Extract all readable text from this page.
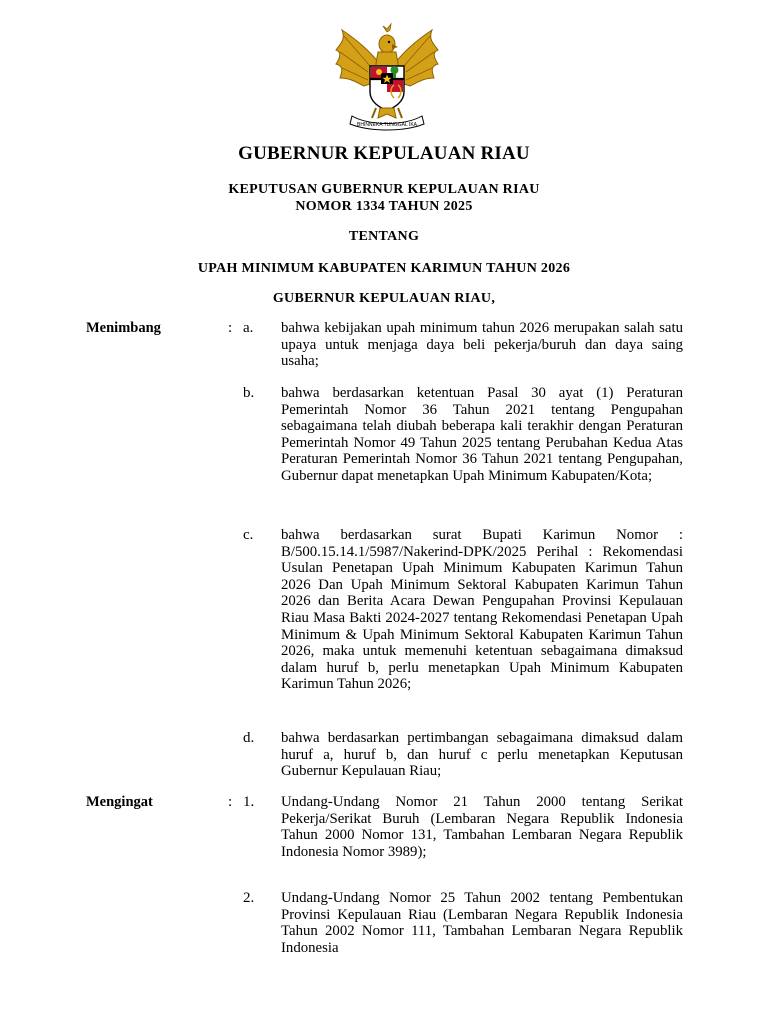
BHINNEKA TUNGGAL IKA
GUBERNUR KEPULAUAN RIAU
KEPUTUSAN GUBERNUR KEPULAUAN RIAU
NOMOR 1334 TAHUN 2025
TENTANG
UPAH MINIMUM KABUPATEN KARIMUN TAHUN 2026
GUBERNUR KEPULAUAN RIAU,
Menimbang	: a. bahwa kebijakan upah minimum tahun 2026 merupakan salah satu upaya untuk menjaga daya beli pekerja/buruh dan daya saing usaha;
b. bahwa berdasarkan ketentuan Pasal 30 ayat (1) Peraturan Pemerintah Nomor 36 Tahun 2021 tentang Pengupahan sebagaimana telah diubah beberapa kali terakhir dengan Peraturan Pemerintah Nomor 49 Tahun 2025 tentang Perubahan Kedua Atas Peraturan Pemerintah Nomor 36 Tahun 2021 tentang Pengupahan, Gubernur dapat menetapkan Upah Minimum Kabupaten/Kota;
c. bahwa berdasarkan surat Bupati Karimun Nomor : B/500.15.14.1/5987/Nakerind-DPK/2025 Perihal : Rekomendasi Usulan Penetapan Upah Minimum Kabupaten Karimun Tahun 2026 Dan Upah Minimum Sektoral Kabupaten Karimun Tahun 2026 dan Berita Acara Dewan Pengupahan Provinsi Kepulauan Riau Masa Bakti 2024-2027 tentang Rekomendasi Penetapan Upah Minimum & Upah Minimum Sektoral Kabupaten Karimun Tahun 2026, maka untuk memenuhi ketentuan sebagaimana dimaksud dalam huruf b, perlu menetapkan Upah Minimum Kabupaten Karimun Tahun 2026;
d. bahwa berdasarkan pertimbangan sebagaimana dimaksud dalam huruf a, huruf b, dan huruf c perlu menetapkan Keputusan Gubernur Kepulauan Riau;
Mengingat	: 1. Undang-Undang Nomor 21 Tahun 2000 tentang Serikat Pekerja/Serikat Buruh (Lembaran Negara Republik Indonesia Tahun 2000 Nomor 131, Tambahan Lembaran Negara Republik Indonesia Nomor 3989);
2. Undang-Undang Nomor 25 Tahun 2002 tentang Pembentukan Provinsi Kepulauan Riau (Lembaran Negara Republik Indonesia Tahun 2002 Nomor 111, Tambahan Lembaran Negara Republik Indonesia
